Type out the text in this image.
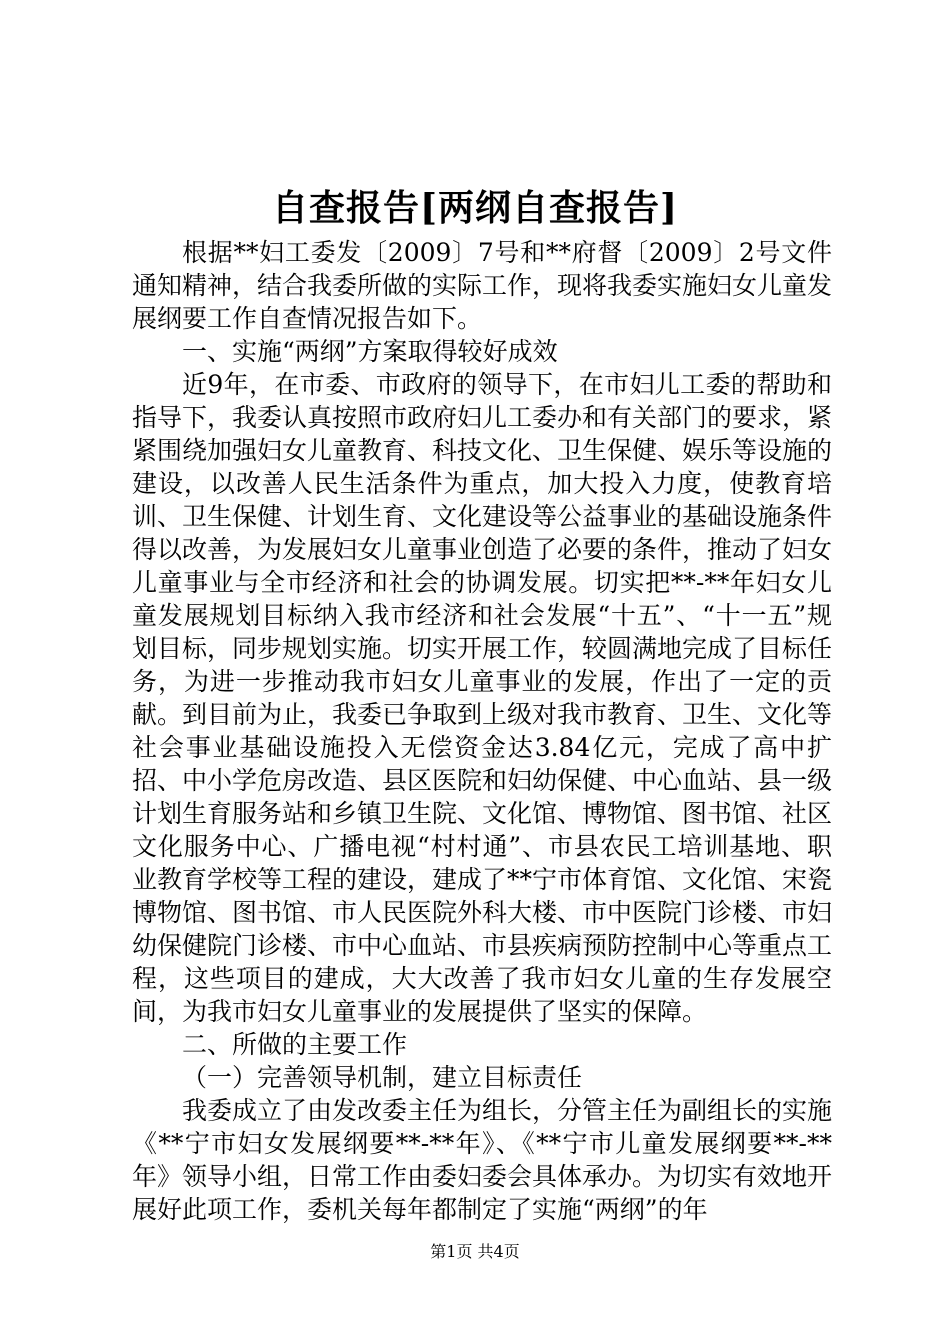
自查报告[两纲自查报告]

根据**妇工委发〔2009〕7号和**府督〔2009〕2号文件通知精神，结合我委所做的实际工作，现将我委实施妇女儿童发展纲要工作自查情况报告如下。

一、实施“两纲”方案取得较好成效

近9年，在市委、市政府的领导下，在市妇儿工委的帮助和指导下，我委认真按照市政府妇儿工委办和有关部门的要求，紧紧围绕加强妇女儿童教育、科技文化、卫生保健、娱乐等设施的建设，以改善人民生活条件为重点，加大投入力度，使教育培训、卫生保健、计划生育、文化建设等公益事业的基础设施条件得以改善，为发展妇女儿童事业创造了必要的条件，推动了妇女儿童事业与全市经济和社会的协调发展。切实把**-**年妇女儿童发展规划目标纳入我市经济和社会发展“十五”、“十一五”规划目标，同步规划实施。切实开展工作，较圆满地完成了目标任务，为进一步推动我市妇女儿童事业的发展，作出了一定的贡献。到目前为止，我委已争取到上级对我市教育、卫生、文化等社会事业基础设施投入无偿资金达3.84亿元，完成了高中扩招、中小学危房改造、县区医院和妇幼保健、中心血站、县一级计划生育服务站和乡镇卫生院、文化馆、博物馆、图书馆、社区文化服务中心、广播电视“村村通”、市县农民工培训基地、职业教育学校等工程的建设，建成了**宁市体育馆、文化馆、宋瓷博物馆、图书馆、市人民医院外科大楼、市中医院门诊楼、市妇幼保健院门诊楼、市中心血站、市县疾病预防控制中心等重点工程，这些项目的建成，大大改善了我市妇女儿童的生存发展空间，为我市妇女儿童事业的发展提供了坚实的保障。

二、所做的主要工作

（一）完善领导机制，建立目标责任

我委成立了由发改委主任为组长，分管主任为副组长的实施《**宁市妇女发展纲要**-**年》、《**宁市儿童发展纲要**-**年》领导小组，日常工作由委妇委会具体承办。为切实有效地开展好此项工作，委机关每年都制定了实施“两纲”的年

第1页 共4页
